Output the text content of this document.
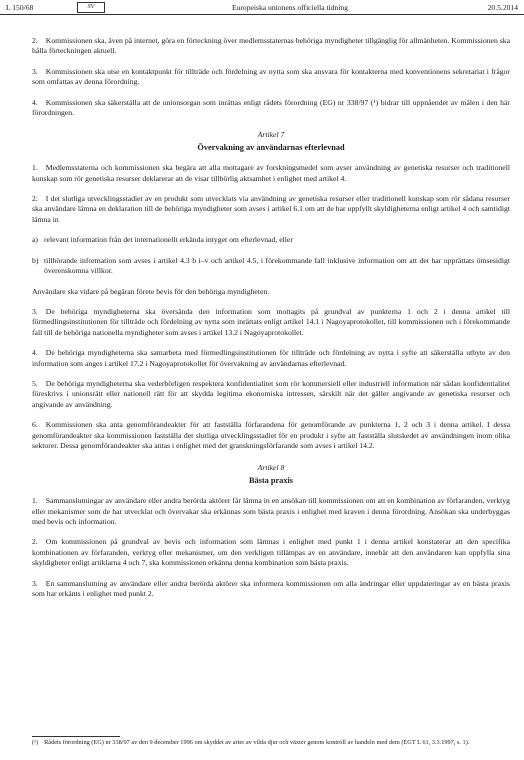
L 150/68	SV	Europeiska unionens officiella tidning	20.5.2014

2. Kommissionen ska, även på internet, göra en förteckning över medlemsstaternas behöriga myndigheter tillgänglig för allmänheten. Kommissionen ska hålla förteckningen aktuell.

3. Kommissionen ska utse en kontaktpunkt för tillträde och fördelning av nytta som ska ansvara för kontakterna med konventionens sekretariat i frågor som omfattas av denna förordning.

4. Kommissionen ska säkerställa att de unionsorgan som inrättas enligt rådets förordning (EG) nr 338/97 (¹) bidrar till uppnåendet av målen i den här förordningen.

Artikel 7
Övervakning av användarnas efterlevnad

1. Medlemsstaterna och kommissionen ska begära att alla mottagare av forskningsmedel som avser användning av genetiska resurser och traditionell kunskap som rör genetiska resurser deklarerar att de visar tillbörlig aktsamhet i enlighet med artikel 4.

2. I det slutliga utvecklingsstadiet av en produkt som utvecklats via användning av genetiska resurser eller traditionell kunskap som rör sådana resurser ska användare lämna en deklaration till de behöriga myndigheter som avses i artikel 6.1 om att de har uppfyllt skyldigheterna enligt artikel 4 och samtidigt lämna in

a) relevant information från det internationellt erkända intyget om efterlevnad, eller
b) tillhörande information som avses i artikel 4.3 b i–v och artikel 4.5, i förekommande fall inklusive information om att det har upprättats ömsesidigt överenskomna villkor.

Användare ska vidare på begäran förete bevis för den behöriga myndigheten.

3. De behöriga myndigheterna ska översända den information som mottagits på grundval av punkterna 1 och 2 i denna artikel till förmedlingsinstitutionen för tillträde och fördelning av nytta som inrättats enligt artikel 14.1 i Nagoyaprotokollet, till kommissionen och i förekommande fall till de behöriga nationella myndigheter som avses i artikel 13.2 i Nagoyaprotokollet.

4. De behöriga myndigheterna ska samarbeta med förmedlingsinstitutionen för tillträde och fördelning av nytta i syfte att säkerställa utbyte av den information som anges i artikel 17.2 i Nagoyaprotokollet för övervakning av användarnas efterlevnad.

5. De behöriga myndigheterna ska vederbörligen respektera konfidentialitet som rör kommersiell eller industriell information när sådan konfidentialitet föreskrivs i unionsrätt eller nationell rätt för att skydda legitima ekonomiska intressen, särskilt när det gäller angivande av genetiska resurser och angivande av användning.

6. Kommissionen ska anta genomförandeakter för att fastställa förfarandena för genomförande av punkterna 1, 2 och 3 i denna artikel. I dessa genomförandeakter ska kommissionen fastställa det slutliga utvecklingsstadiet för en produkt i syfte att fastställa slutskedet av användningen inom olika sektorer. Dessa genomförandeakter ska antas i enlighet med det granskningsförfarande som avses i artikel 14.2.

Artikel 8
Bästa praxis

1. Sammanslutningar av användare eller andra berörda aktörer får lämna in en ansökan till kommissionen om att en kombination av förfaranden, verktyg eller mekanismer som de har utvecklat och övervakar ska erkännas som bästa praxis i enlighet med kraven i denna förordning. Ansökan ska underbyggas med bevis och information.

2. Om kommissionen på grundval av bevis och information som lämnas i enlighet med punkt 1 i denna artikel konstaterar att den specifika kombinationen av förfaranden, verktyg eller mekanismer, om den verkligen tillämpas av en användare, innebär att den användaren kan uppfylla sina skyldigheter enligt artiklarna 4 och 7, ska kommissionen erkänna denna kombination som bästa praxis.

3. En sammanslutning av användare eller andra berörda aktörer ska informera kommissionen om alla ändringar eller uppdateringar av en bästa praxis som har erkänts i enlighet med punkt 2.

(¹) Rådets förordning (EG) nr 338/97 av den 9 december 1996 om skyddet av arter av vilda djur och växter genom kontroll av handeln med dem (EGT L 61, 3.3.1997, s. 1).
